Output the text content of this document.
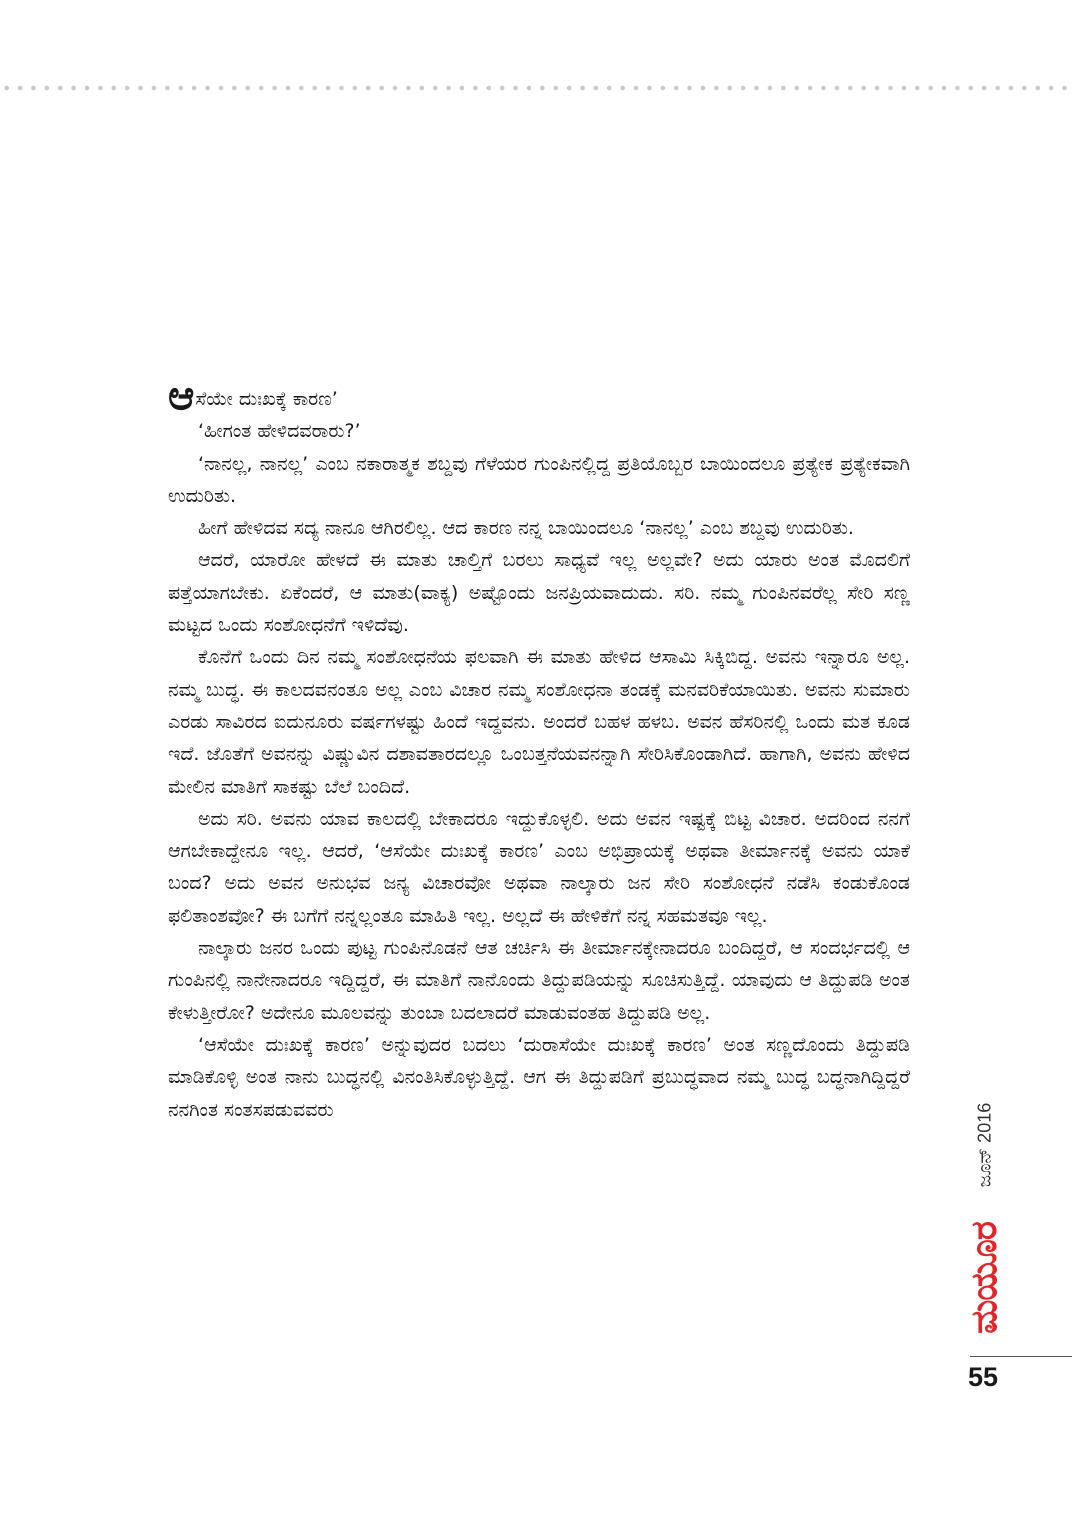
ಆಸೆಯೇ ದುಃಖಕ್ಕೆ ಕಾರಣ’

‘ಹೀಗಂತ ಹೇಳಿದವರಾರು?’

‘ನಾನಲ್ಲ, ನಾನಲ್ಲ’ ಎಂಬ ನಕಾರಾತ್ಮಕ ಶಬ್ದವು ಗೆಳೆಯರ ಗುಂಪಿನಲ್ಲಿದ್ದ ಪ್ರತಿಯೊಬ್ಬರ ಬಾಯಿಂದಲೂ ಪ್ರತ್ಯೇಕ ಪ್ರತ್ಯೇಕವಾಗಿ ಉದುರಿತು.

ಹೀಗೆ ಹೇಳಿದವ ಸದ್ಯ ನಾನೂ ಆಗಿರಲಿಲ್ಲ. ಆದ ಕಾರಣ ನನ್ನ ಬಾಯಿಂದಲೂ ‘ನಾನಲ್ಲ’ ಎಂಬ ಶಬ್ದವು ಉದುರಿತು.

ಆದರೆ, ಯಾರೋ ಹೇಳದೆ ಈ ಮಾತು ಚಾಲ್ತಿಗೆ ಬರಲು ಸಾಧ್ಯವೆ ಇಲ್ಲ ಅಲ್ಲವೇ? ಅದು ಯಾರು ಅಂತ ಮೊದಲಿಗೆ ಪತ್ತೆಯಾಗಬೇಕು. ಏಕೆಂದರೆ, ಆ ಮಾತು(ವಾಕ್ಯ) ಅಷ್ಟೊಂದು ಜನಪ್ರಿಯವಾದುದು. ಸರಿ. ನಮ್ಮ ಗುಂಪಿನವರೆಲ್ಲ ಸೇರಿ ಸಣ್ಣ ಮಟ್ಟದ ಒಂದು ಸಂಶೋಧನೆಗೆ ಇಳಿದೆವು.

ಕೊನೆಗೆ ಒಂದು ದಿನ ನಮ್ಮ ಸಂಶೋಧನೆಯ ಫಲವಾಗಿ ಈ ಮಾತು ಹೇಳಿದ ಆಸಾಮಿ ಸಿಕ್ಕಿಬಿದ್ದ. ಅವನು ಇನ್ನಾರೂ ಅಲ್ಲ. ನಮ್ಮ ಬುದ್ಧ. ಈ ಕಾಲದವನಂತೂ ಅಲ್ಲ ಎಂಬ ವಿಚಾರ ನಮ್ಮ ಸಂಶೋಧನಾ ತಂಡಕ್ಕೆ ಮನವರಿಕೆಯಾಯಿತು. ಅವನು ಸುಮಾರು ಎರಡು ಸಾವಿರದ ಐದುನೂರು ವರ್ಷಗಳಷ್ಟು ಹಿಂದೆ ಇದ್ದವನು. ಅಂದರೆ ಬಹಳ ಹಳಬ. ಅವನ ಹೆಸರಿನಲ್ಲಿ ಒಂದು ಮತ ಕೂಡ ಇದೆ. ಜೊತೆಗೆ ಅವನನ್ನು ವಿಷ್ಣುವಿನ ದಶಾವತಾರದಲ್ಲೂ ಒಂಬತ್ತನೆಯವನನ್ನಾಗಿ ಸೇರಿಸಿಕೊಂಡಾಗಿದೆ. ಹಾಗಾಗಿ, ಅವನು ಹೇಳಿದ ಮೇಲಿನ ಮಾತಿಗೆ ಸಾಕಷ್ಟು ಬೆಲೆ ಬಂದಿದೆ.

ಅದು ಸರಿ. ಅವನು ಯಾವ ಕಾಲದಲ್ಲಿ ಬೇಕಾದರೂ ಇದ್ದುಕೊಳ್ಳಲಿ. ಅದು ಅವನ ಇಷ್ಟಕ್ಕೆ ಬಿಟ್ಟ ವಿಚಾರ. ಅದರಿಂದ ನನಗೆ ಆಗಬೇಕಾದ್ದೇನೂ ಇಲ್ಲ. ಆದರೆ, ‘ಆಸೆಯೇ ದುಃಖಕ್ಕೆ ಕಾರಣ’ ಎಂಬ ಅಭಿಪ್ರಾಯಕ್ಕೆ ಅಥವಾ ತೀರ್ಮಾನಕ್ಕೆ ಅವನು ಯಾಕೆ ಬಂದ? ಅದು ಅವನ ಅನುಭವ ಜನ್ಯ ವಿಚಾರವೋ ಅಥವಾ ನಾಲ್ಕಾರು ಜನ ಸೇರಿ ಸಂಶೋಧನೆ ನಡೆಸಿ ಕಂಡುಕೊಂಡ ಫಲಿತಾಂಶವೋ? ಈ ಬಗೆಗೆ ನನ್ನಲ್ಲಂತೂ ಮಾಹಿತಿ ಇಲ್ಲ. ಅಲ್ಲದೆ ಈ ಹೇಳಿಕೆಗೆ ನನ್ನ ಸಹಮತವೂ ಇಲ್ಲ.

ನಾಲ್ಕಾರು ಜನರ ಒಂದು ಪುಟ್ಟ ಗುಂಪಿನೊಡನೆ ಆತ ಚರ್ಚಿಸಿ ಈ ತೀರ್ಮಾನಕ್ಕೇನಾದರೂ ಬಂದಿದ್ದರೆ, ಆ ಸಂದರ್ಭದಲ್ಲಿ ಆ ಗುಂಪಿನಲ್ಲಿ ನಾನೇನಾದರೂ ಇದ್ದಿದ್ದರೆ, ಈ ಮಾತಿಗೆ ನಾನೊಂದು ತಿದ್ದುಪಡಿಯನ್ನು ಸೂಚಿಸುತ್ತಿದ್ದೆ. ಯಾವುದು ಆ ತಿದ್ದುಪಡಿ ಅಂತ ಕೇಳುತ್ತೀರೋ? ಅದೇನೂ ಮೂಲವನ್ನು ತುಂಬಾ ಬದಲಾದರೆ ಮಾಡುವಂತಹ ತಿದ್ದುಪಡಿ ಅಲ್ಲ.

‘ಆಸೆಯೇ ದುಃಖಕ್ಕೆ ಕಾರಣ’ ಅನ್ನುವುದರ ಬದಲು ‘ದುರಾಸೆಯೇ ದುಃಖಕ್ಕೆ ಕಾರಣ’ ಅಂತ ಸಣ್ಣದೊಂದು ತಿದ್ದುಪಡಿ ಮಾಡಿಕೊಳ್ಳಿ ಅಂತ ನಾನು ಬುದ್ಧನಲ್ಲಿ ವಿನಂತಿಸಿಕೊಳ್ಳುತ್ತಿದ್ದೆ. ಆಗ ಈ ತಿದ್ದುಪಡಿಗೆ ಪ್ರಬುದ್ಧವಾದ ನಮ್ಮ ಬುದ್ಧ ಬದ್ಧನಾಗಿದ್ದಿದ್ದರೆ ನನಗಿಂತ ಸಂತಸಪಡುವವರು	ಜೂನ್ 2016
ಮಯೂರ
55
